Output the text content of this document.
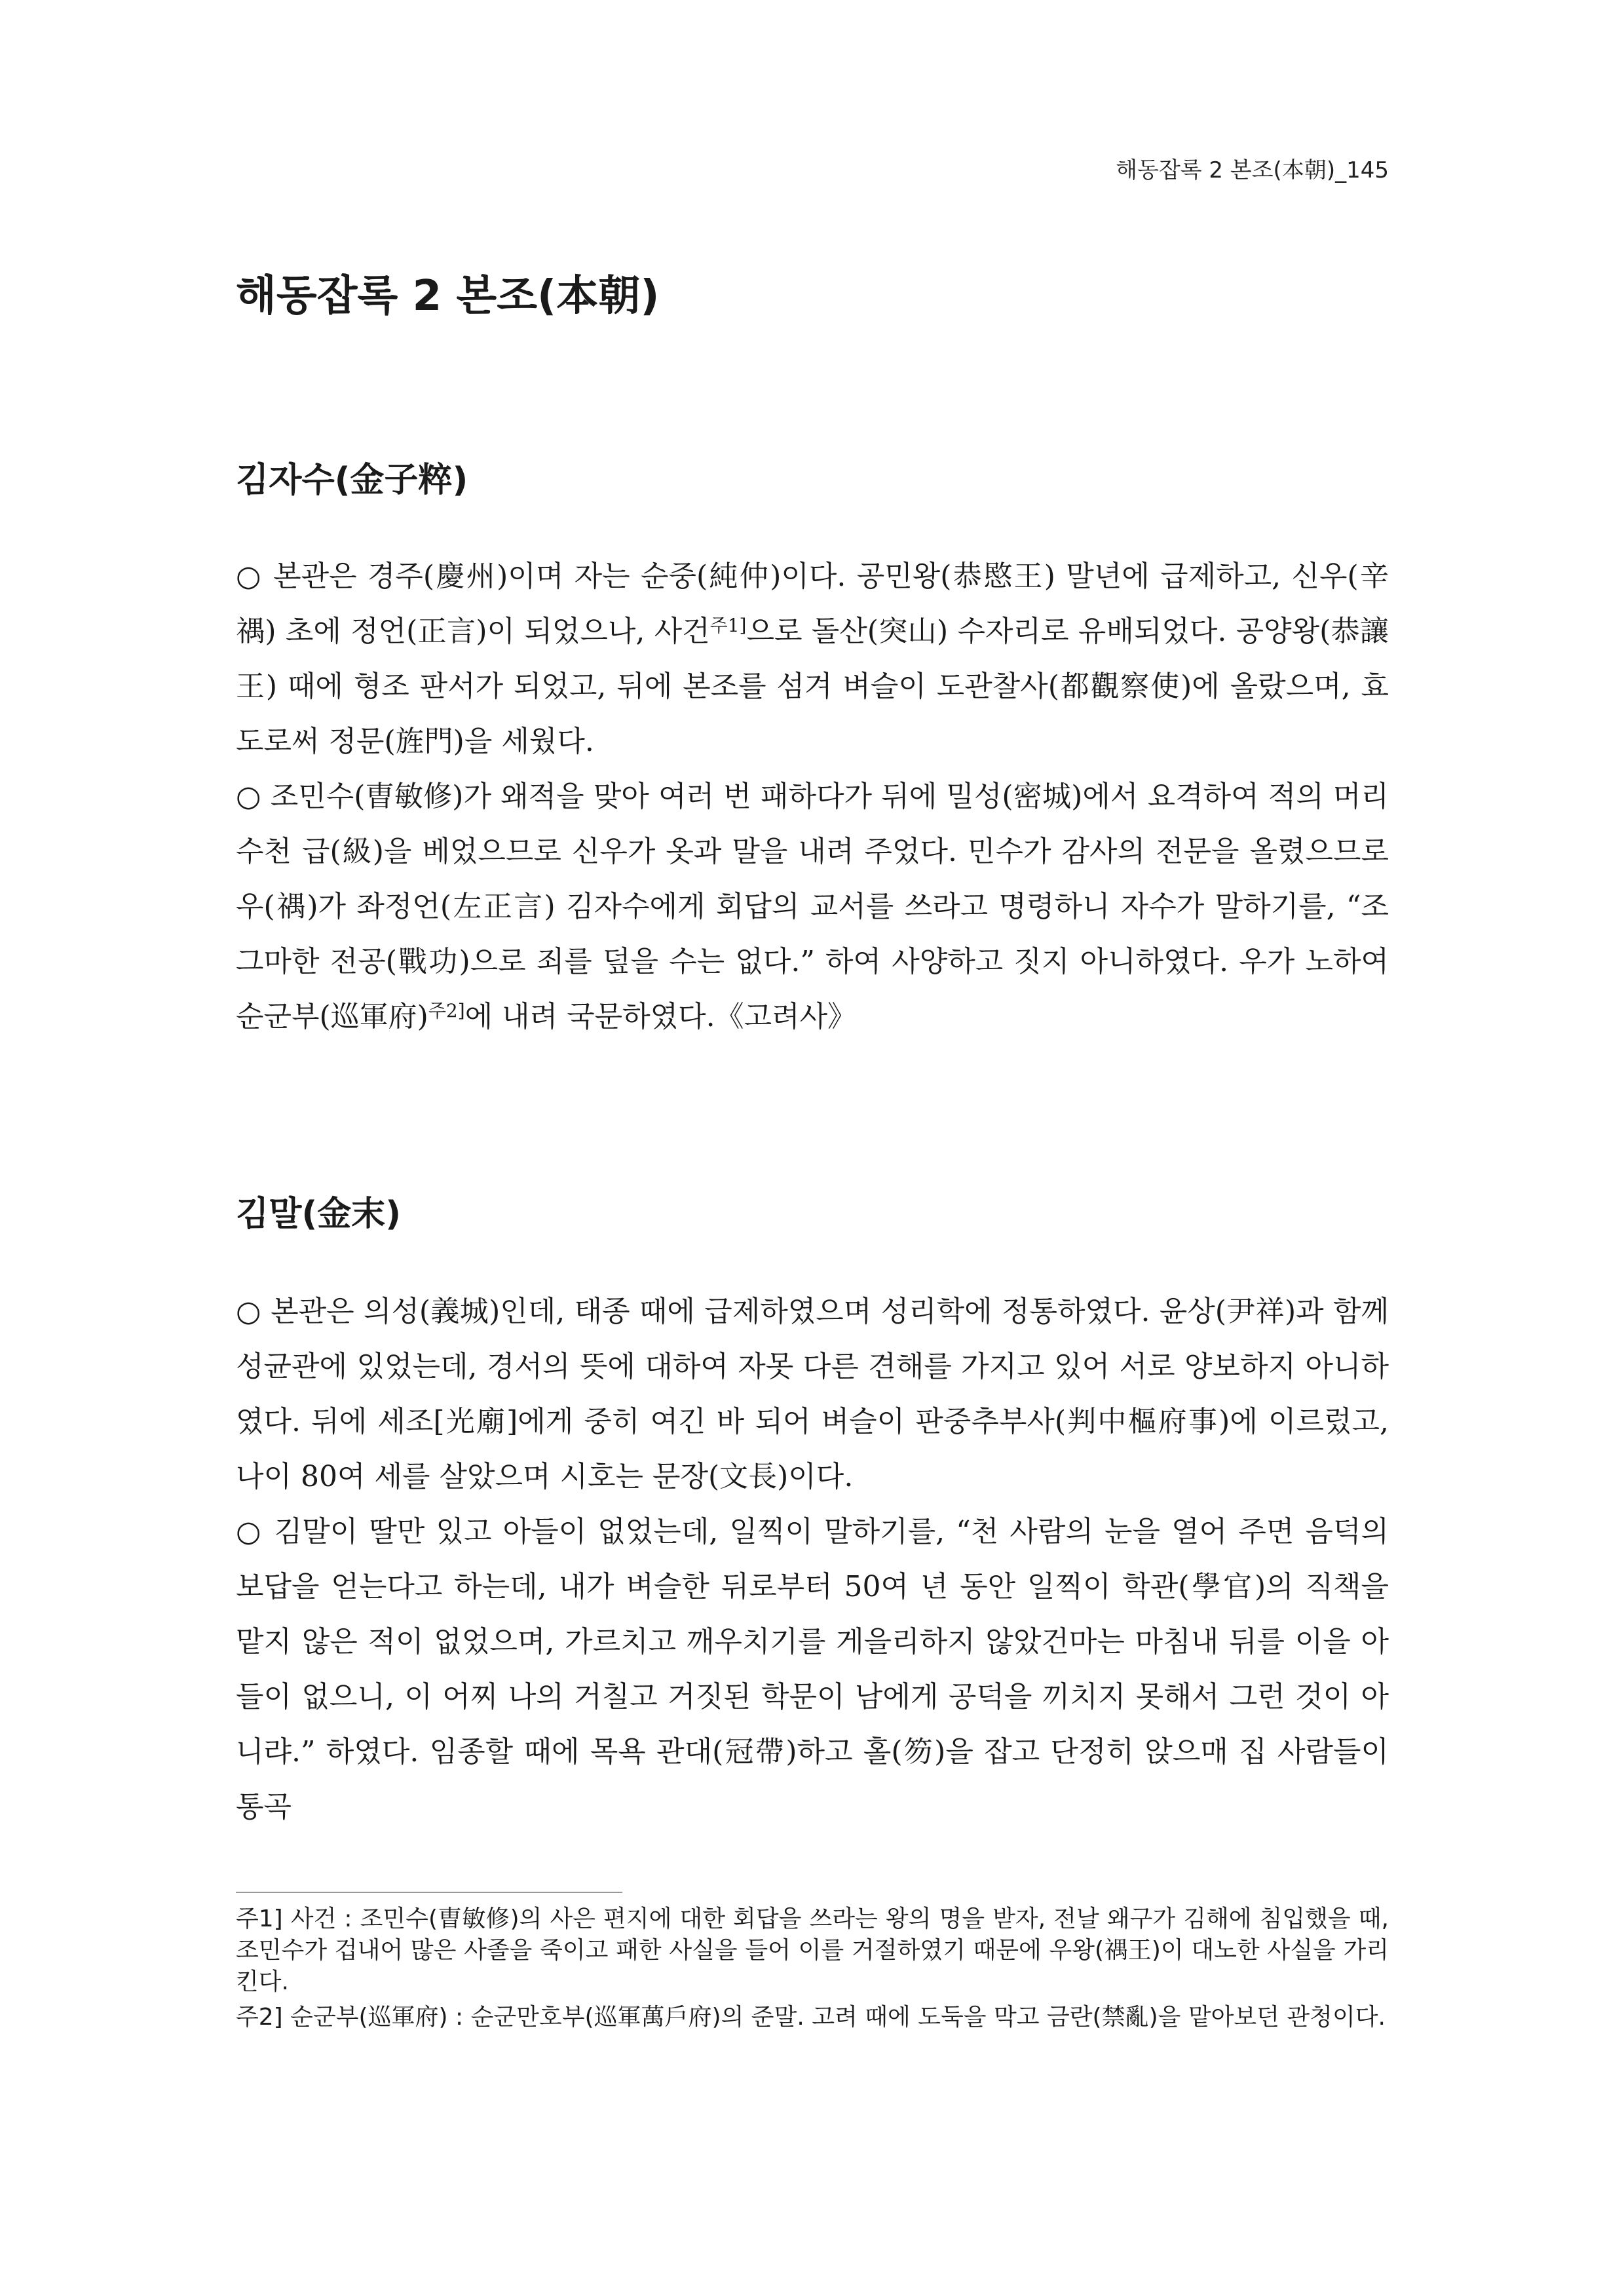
해동잡록 2 본조(本朝)_145
해동잡록 2 본조(本朝)
김자수(金子粹)

○ 본관은 경주(慶州)이며 자는 순중(純仲)이다. 공민왕(恭愍王) 말년에 급제하고, 신우(辛禑) 초에 정언(正言)이 되었으나, 사건$^{주1]}$으로 돌산(突山) 수자리로 유배되었다. 공양왕(恭讓王) 때에 형조 판서가 되었고, 뒤에 본조를 섬겨 벼슬이 도관찰사(都觀察使)에 올랐으며, 효도로써 정문(旌門)을 세웠다.

○ 조민수(曺敏修)가 왜적을 맞아 여러 번 패하다가 뒤에 밀성(密城)에서 요격하여 적의 머리 수천 급(級)을 베었으므로 신우가 옷과 말을 내려 주었다. 민수가 감사의 전문을 올렸으므로 우(禑)가 좌정언(左正言) 김자수에게 회답의 교서를 쓰라고 명령하니 자수가 말하기를, “조그마한 전공(戰功)으로 죄를 덮을 수는 없다.” 하여 사양하고 짓지 아니하였다. 우가 노하여 순군부(巡軍府)$^{주2]}$에 내려 국문하였다.《고려사》

김말(金末)

○ 본관은 의성(義城)인데, 태종 때에 급제하였으며 성리학에 정통하였다. 윤상(尹祥)과 함께 성균관에 있었는데, 경서의 뜻에 대하여 자못 다른 견해를 가지고 있어 서로 양보하지 아니하였다. 뒤에 세조[光廟]에게 중히 여긴 바 되어 벼슬이 판중추부사(判中樞府事)에 이르렀고, 나이 80여 세를 살았으며 시호는 문장(文長)이다.

○ 김말이 딸만 있고 아들이 없었는데, 일찍이 말하기를, “천 사람의 눈을 열어 주면 음덕의 보답을 얻는다고 하는데, 내가 벼슬한 뒤로부터 50여 년 동안 일찍이 학관(學官)의 직책을 맡지 않은 적이 없었으며, 가르치고 깨우치기를 게을리하지 않았건마는 마침내 뒤를 이을 아들이 없으니, 이 어찌 나의 거칠고 거짓된 학문이 남에게 공덕을 끼치지 못해서 그런 것이 아니랴.” 하였다. 임종할 때에 목욕 관대(冠帶)하고 홀(笏)을 잡고 단정히 앉으매 집 사람들이 통곡

주1] 사건 : 조민수(曺敏修)의 사은 편지에 대한 회답을 쓰라는 왕의 명을 받자, 전날 왜구가 김해에 침입했을 때, 조민수가 겁내어 많은 사졸을 죽이고 패한 사실을 들어 이를 거절하였기 때문에 우왕(禑王)이 대노한 사실을 가리킨다.

주2] 순군부(巡軍府) : 순군만호부(巡軍萬戶府)의 준말. 고려 때에 도둑을 막고 금란(禁亂)을 맡아보던 관청이다.
